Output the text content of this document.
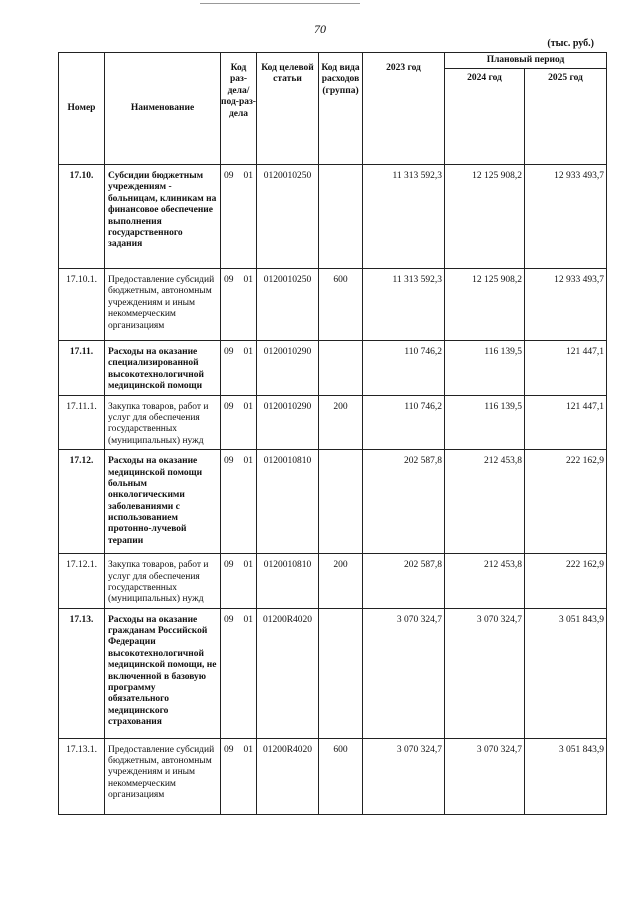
70
(тыс. руб.)
Номер	Наименование	Код раз-дела/ под-раз-дела	Код целевой статьи	Код вида расходов (группа)	2023 год	Плановый период	
						2024 год	2025 год
17.10.	Субсидии бюджетным учреждениям - больницам, клиникам на финансовое обеспечение выполнения государственного задания	09 01	0120010250		11 313 592,3	12 125 908,2	12 933 493,7
17.10.1.	Предоставление субсидий бюджетным, автономным учреждениям и иным некоммерческим организациям	09 01	0120010250	600	11 313 592,3	12 125 908,2	12 933 493,7
17.11.	Расходы на оказание специализированной высокотехнологичной медицинской помощи	09 01	0120010290		110 746,2	116 139,5	121 447,1
17.11.1.	Закупка товаров, работ и услуг для обеспечения государственных (муниципальных) нужд	09 01	0120010290	200	110 746,2	116 139,5	121 447,1
17.12.	Расходы на оказание медицинской помощи больным онкологическими заболеваниями с использованием протонно-лучевой терапии	09 01	0120010810		202 587,8	212 453,8	222 162,9
17.12.1.	Закупка товаров, работ и услуг для обеспечения государственных (муниципальных) нужд	09 01	0120010810	200	202 587,8	212 453,8	222 162,9
17.13.	Расходы на оказание гражданам Российской Федерации высокотехнологичной медицинской помощи, не включенной в базовую программу обязательного медицинского страхования	09 01	01200R4020		3 070 324,7	3 070 324,7	3 051 843,9
17.13.1.	Предоставление субсидий бюджетным, автономным учреждениям и иным некоммерческим организациям	09 01	01200R4020	600	3 070 324,7	3 070 324,7	3 051 843,9
